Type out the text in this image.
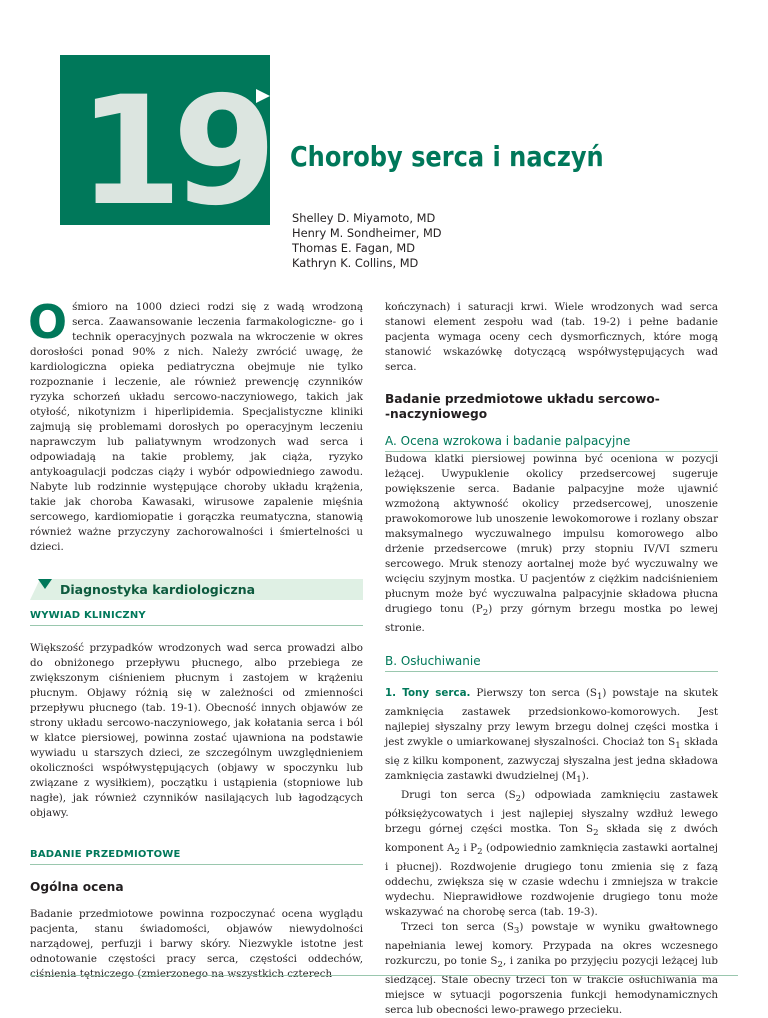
19 Choroby serca i naczyń
Shelley D. Miyamoto, MD
Henry M. Sondheimer, MD
Thomas E. Fagan, MD
Kathryn K. Collins, MD

Ośmioro na 1000 dzieci rodzi się z wadą wrodzoną serca. Zaawansowanie leczenia farmakologiczne- go i technik operacyjnych pozwala na wkroczenie w okres dorosłości ponad 90% z nich. Należy zwrócić uwagę, że kardiologiczna opieka pediatryczna obejmuje nie tylko rozpoznanie i leczenie, ale również prewencję czynników ryzyka schorzeń układu sercowo-naczyniowego, takich jak otyłość, nikotynizm i hiperlipidemia. Specjalistyczne kliniki zajmują się problemami dorosłych po operacyjnym leczeniu naprawczym lub paliatywnym wrodzonych wad serca i odpowiadają na takie problemy, jak ciąża, ryzyko antykoagulacji podczas ciąży i wybór odpowiedniego zawodu. Nabyte lub rodzinnie występujące choroby układu krążenia, takie jak choroba Kawasaki, wirusowe zapalenie mięśnia sercowego, kardiomiopatie i gorączka reumatyczna, stanowią również ważne przyczyny zachorowalności i śmiertelności u dzieci.

Diagnostyka kardiologiczna
WYWIAD KLINICZNY

Większość przypadków wrodzonych wad serca prowadzi albo do obniżonego przepływu płucnego, albo przebiega ze zwiększonym ciśnieniem płucnym i zastojem w krążeniu płucnym. Objawy różnią się w zależności od zmienności przepływu płucnego (tab. 19-1). Obecność innych objawów ze strony układu sercowo-naczyniowego, jak kołatania serca i ból w klatce piersiowej, powinna zostać ujawniona na podstawie wywiadu u starszych dzieci, ze szczególnym uwzględnieniem okoliczności współwystępujących (objawy w spoczynku lub związane z wysiłkiem), początku i ustąpienia (stopniowe lub nagłe), jak również czynników nasilających lub łagodzących objawy.

BADANIE PRZEDMIOTOWE
Ogólna ocena

Badanie przedmiotowe powinna rozpoczynać ocena wyglądu pacjenta, stanu świadomości, objawów niewydolności narządowej, perfuzji i barwy skóry. Niezwykle istotne jest odnotowanie częstości pracy serca, częstości oddechów, ciśnienia tętniczego (zmierzonego na wszystkich czterech

kończynach) i saturacji krwi. Wiele wrodzonych wad serca stanowi element zespołu wad (tab. 19-2) i pełne badanie pacjenta wymaga oceny cech dysmorficznych, które mogą stanowić wskazówkę dotyczącą współwystępujących wad serca.

Badanie przedmiotowe układu sercowo-
-naczyniowego
A. Ocena wzrokowa i badanie palpacyjne

Budowa klatki piersiowej powinna być oceniona w pozycji leżącej. Uwypuklenie okolicy przedsercowej sugeruje powiększenie serca. Badanie palpacyjne może ujawnić wzmożoną aktywność okolicy przedsercowej, unoszenie prawokomorowe lub unoszenie lewokomorowe i rozlany obszar maksymalnego wyczuwalnego impulsu komorowego albo drżenie przedsercowe (mruk) przy stopniu IV/VI szmeru sercowego. Mruk stenozy aortalnej może być wyczuwalny we wcięciu szyjnym mostka. U pacjentów z ciężkim nadciśnieniem płucnym może być wyczuwalna palpacyjnie składowa płucna drugiego tonu $(P_2)$ przy górnym brzegu mostka po lewej stronie.

B. Osłuchiwanie

1. Tony serca. Pierwszy ton serca $(S_1)$ powstaje na skutek zamknięcia zastawek przedsionkowo-komorowych. Jest najlepiej słyszalny przy lewym brzegu dolnej części mostka i jest zwykle o umiarkowanej słyszalności. Chociaż ton $S_1$ składa się z kilku komponent, zazwyczaj słyszalna jest jedna składowa zamknięcia zastawki dwudzielnej $(M_1)$.

Drugi ton serca $(S_2)$ odpowiada zamknięciu zastawek półksiężycowatych i jest najlepiej słyszalny wzdłuż lewego brzegu górnej części mostka. Ton $S_2$ składa się z dwóch komponent $A_2$ i $P_2$ (odpowiednio zamknięcia zastawki aortalnej i płucnej). Rozdwojenie drugiego tonu zmienia się z fazą oddechu, zwiększa się w czasie wdechu i zmniejsza w trakcie wydechu. Nieprawidłowe rozdwojenie drugiego tonu może wskazywać na chorobę serca (tab. 19-3).

Trzeci ton serca $(S_3)$ powstaje w wyniku gwałtownego napełniania lewej komory. Przypada na okres wczesnego rozkurczu, po tonie $S_2$, i zanika po przyjęciu pozycji leżącej lub siedzącej. Stale obecny trzeci ton w trakcie osłuchiwania ma miejsce w sytuacji pogorszenia funkcji hemodynamicznych serca lub obecności lewo-prawego przecieku.
